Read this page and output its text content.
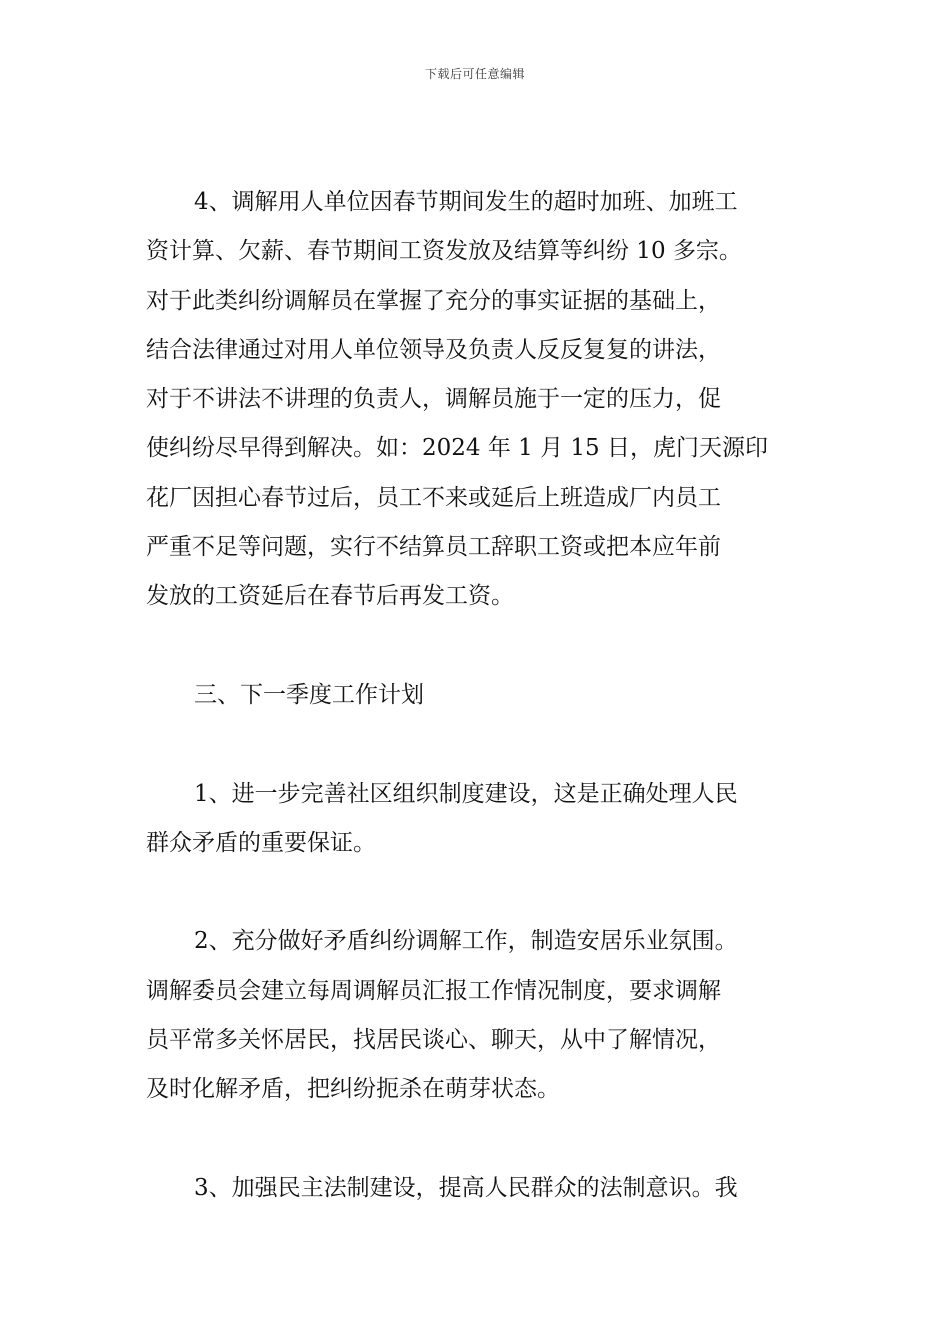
下载后可任意编辑
4、调解用人单位因春节期间发生的超时加班、加班工
资计算、欠薪、春节期间工资发放及结算等纠纷 10 多宗。
对于此类纠纷调解员在掌握了充分的事实证据的基础上，
结合法律通过对用人单位领导及负责人反反复复的讲法，
对于不讲法不讲理的负责人，调解员施于一定的压力，促
使纠纷尽早得到解决。如：2024 年 1 月 15 日，虎门天源印
花厂因担心春节过后，员工不来或延后上班造成厂内员工
严重不足等问题，实行不结算员工辞职工资或把本应年前
发放的工资延后在春节后再发工资。
三、下一季度工作计划
1、进一步完善社区组织制度建设，这是正确处理人民
群众矛盾的重要保证。
2、充分做好矛盾纠纷调解工作，制造安居乐业氛围。
调解委员会建立每周调解员汇报工作情况制度，要求调解
员平常多关怀居民，找居民谈心、聊天，从中了解情况，
及时化解矛盾，把纠纷扼杀在萌芽状态。
3、加强民主法制建设，提高人民群众的法制意识。我
